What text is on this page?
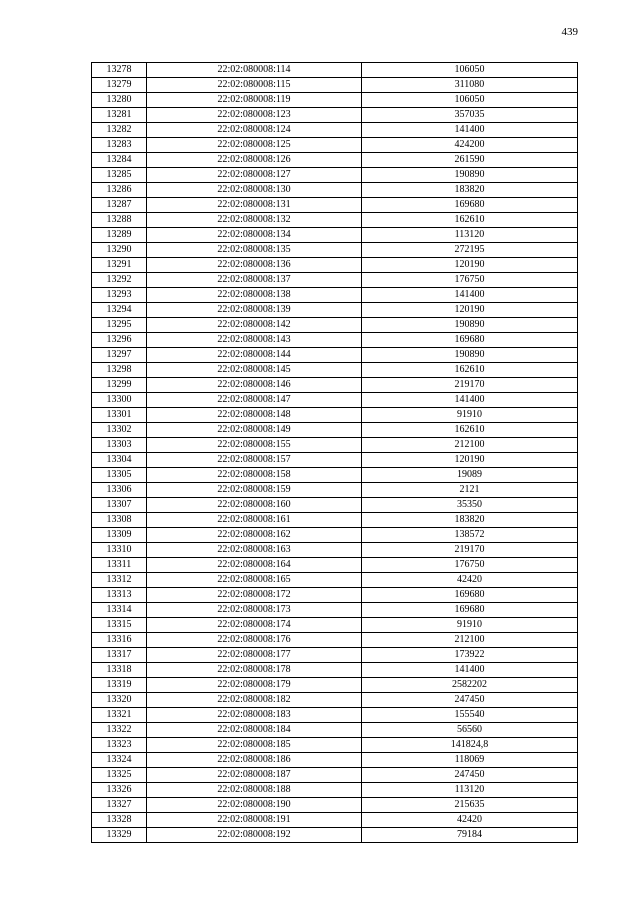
439
13278	22:02:080008:114	106050
13279	22:02:080008:115	311080
13280	22:02:080008:119	106050
13281	22:02:080008:123	357035
13282	22:02:080008:124	141400
13283	22:02:080008:125	424200
13284	22:02:080008:126	261590
13285	22:02:080008:127	190890
13286	22:02:080008:130	183820
13287	22:02:080008:131	169680
13288	22:02:080008:132	162610
13289	22:02:080008:134	113120
13290	22:02:080008:135	272195
13291	22:02:080008:136	120190
13292	22:02:080008:137	176750
13293	22:02:080008:138	141400
13294	22:02:080008:139	120190
13295	22:02:080008:142	190890
13296	22:02:080008:143	169680
13297	22:02:080008:144	190890
13298	22:02:080008:145	162610
13299	22:02:080008:146	219170
13300	22:02:080008:147	141400
13301	22:02:080008:148	91910
13302	22:02:080008:149	162610
13303	22:02:080008:155	212100
13304	22:02:080008:157	120190
13305	22:02:080008:158	19089
13306	22:02:080008:159	2121
13307	22:02:080008:160	35350
13308	22:02:080008:161	183820
13309	22:02:080008:162	138572
13310	22:02:080008:163	219170
13311	22:02:080008:164	176750
13312	22:02:080008:165	42420
13313	22:02:080008:172	169680
13314	22:02:080008:173	169680
13315	22:02:080008:174	91910
13316	22:02:080008:176	212100
13317	22:02:080008:177	173922
13318	22:02:080008:178	141400
13319	22:02:080008:179	2582202
13320	22:02:080008:182	247450
13321	22:02:080008:183	155540
13322	22:02:080008:184	56560
13323	22:02:080008:185	141824,8
13324	22:02:080008:186	118069
13325	22:02:080008:187	247450
13326	22:02:080008:188	113120
13327	22:02:080008:190	215635
13328	22:02:080008:191	42420
13329	22:02:080008:192	79184
